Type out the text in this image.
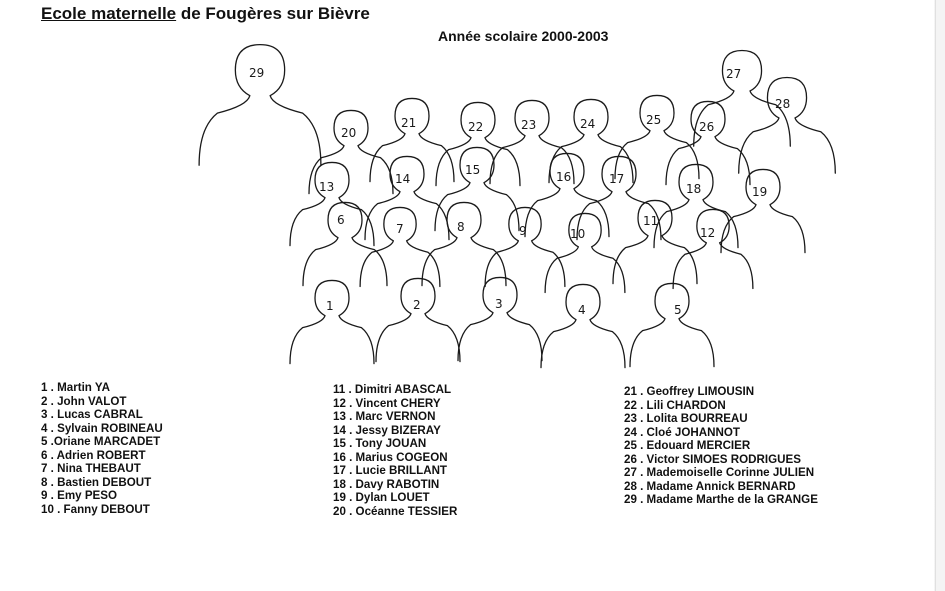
Ecole maternelle de Fougères sur Bièvre
Année scolaire 2000-2003
1	2	3	4	5
6
7	8	9	10
11
12
13
14
15	16	17
18	19
20
21	22	23	24	25	26
27
28
29
1 . Martin YA
2 . John VALOT
3 . Lucas CABRAL
4 . Sylvain ROBINEAU
5 .Oriane MARCADET
6 . Adrien ROBERT
7 . Nina THEBAUT
8 . Bastien DEBOUT
9 . Emy PESO
10 . Fanny DEBOUT
11 . Dimitri ABASCAL
12 . Vincent CHERY
13 . Marc VERNON
14 . Jessy BIZERAY
15 . Tony JOUAN
16 . Marius COGEON
17 . Lucie BRILLANT
18 . Davy RABOTIN
19 . Dylan LOUET
20 . Océanne TESSIER
21 . Geoffrey LIMOUSIN
22 . Lili CHARDON
23 . Lolita BOURREAU
24 . Cloé JOHANNOT
25 . Edouard MERCIER
26 . Victor SIMOES RODRIGUES
27 . Mademoiselle Corinne JULIEN
28 . Madame Annick BERNARD
29 . Madame Marthe de la GRANGE
